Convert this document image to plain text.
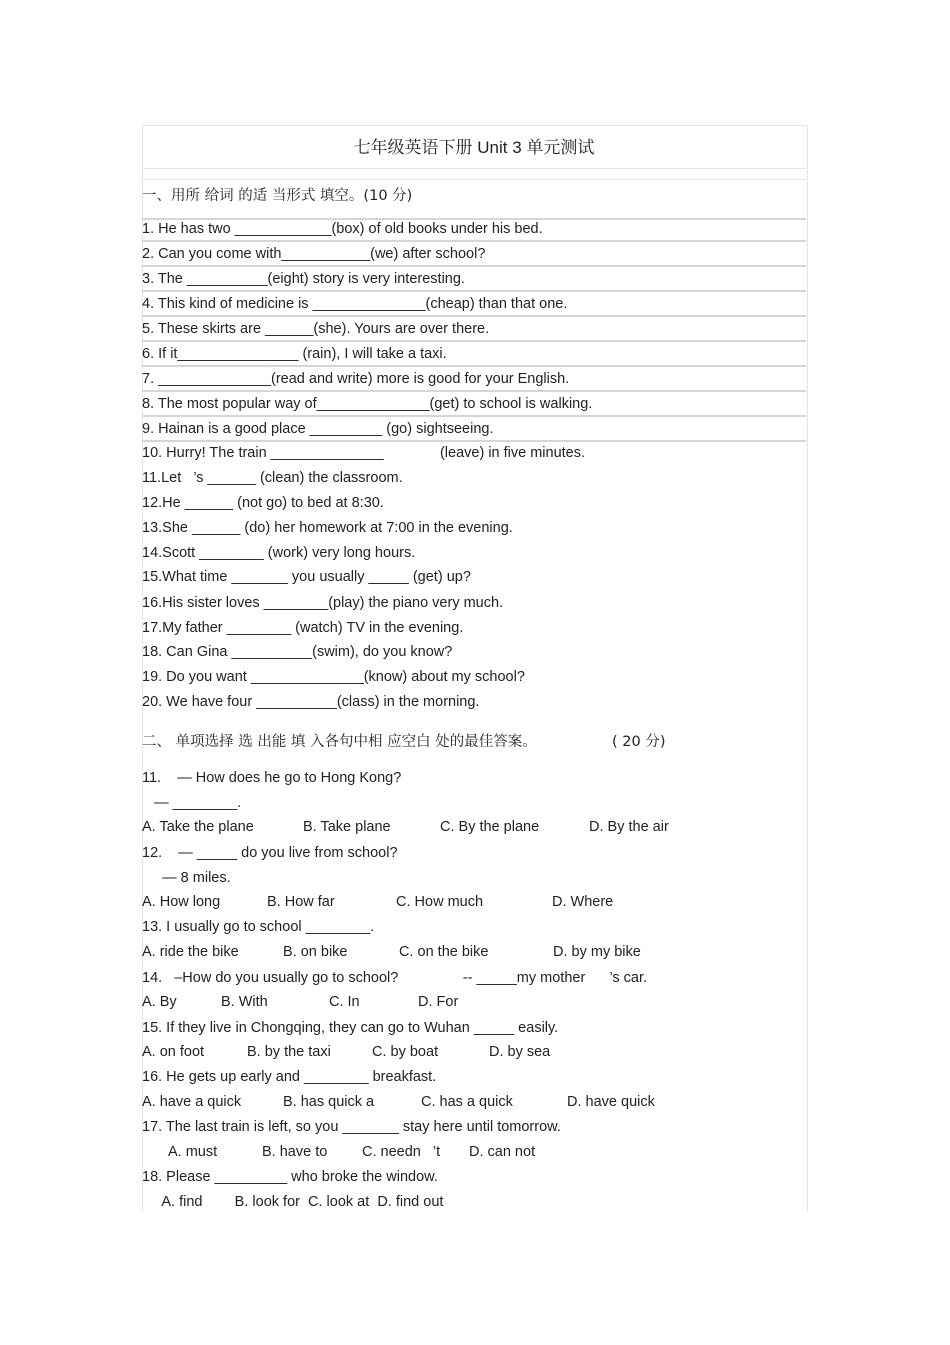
七年级英语下册 Unit 3 单元测试
一、用所 给词 的适 当形式 填空。(10 分)
1. He has two ____________(box) of old books under his bed.
2. Can you come with___________(we) after school?
3. The __________(eight) story is very interesting.
4. This kind of medicine is ______________(cheap) than that one.
5. These skirts are ______(she). Yours are over there.
6. If it_______________ (rain), I will take a taxi.
7. ______________(read and write) more is good for your English.
8. The most popular way of______________(get) to school is walking.
9. Hainan is a good place _________ (go) sightseeing.
10. Hurry! The train ______________              (leave) in five minutes.
11.Let   ’s ______ (clean) the classroom.
12.He ______ (not go) to bed at 8:30.
13.She ______ (do) her homework at 7:00 in the evening.
14.Scott ________ (work) very long hours.
15.What time _______ you usually _____ (get) up?
16.His sister loves ________(play) the piano very much.
17.My father ________ (watch) TV in the evening.
18. Can Gina __________(swim), do you know?
19. Do you want ______________(know) about my school?
20. We have four __________(class) in the morning.
二、 单项选择 选 出能 填 入各句中相 应空白 处的最佳答案。	( 20 分)
11.    — How does he go to Hong Kong?
— ________.
A. Take the plane	B. Take plane	C. By the plane	D. By the air
12.    — _____ do you live from school?
— 8 miles.
A. How long	B. How far	C. How much	D. Where
13. I usually go to school ________.
A. ride the bike	B. on bike	C. on the bike	D. by my bike
14.   –How do you usually go to school?                -- _____my mother      ’s car.
A. By	B. With	C. In	D. For
15. If they live in Chongqing, they can go to Wuhan _____ easily.
A. on foot	B. by the taxi	C. by boat	D. by sea
16. He gets up early and ________ breakfast.
A. have a quick	B. has quick a	C. has a quick	D. have quick
17. The last train is left, so you _______ stay here until tomorrow.
A. must	B. have to C. needn   ’t D. can not
18. Please _________ who broke the window.
A. find        B. look for  C. look at  D. find out
